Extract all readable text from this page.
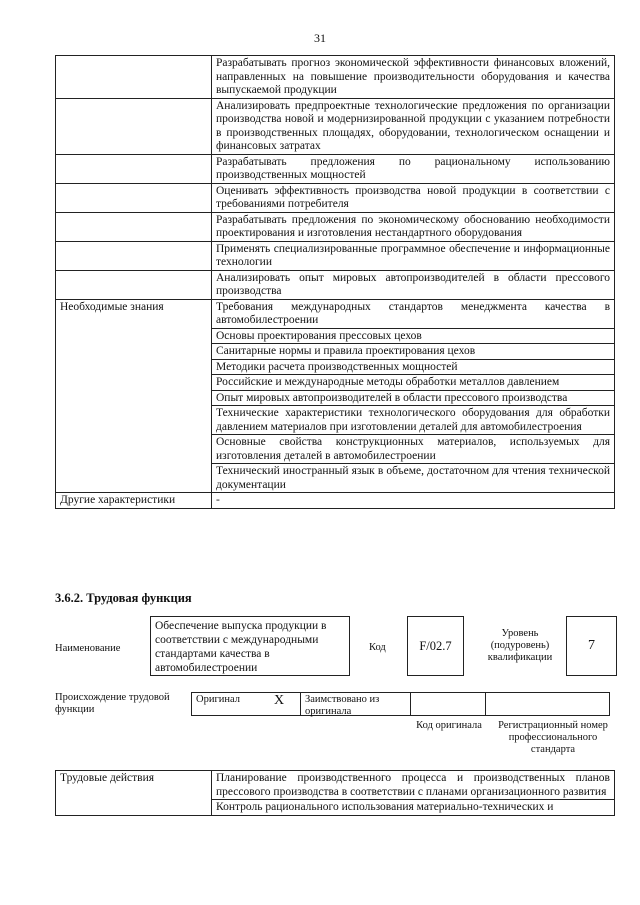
31
	Разрабатывать прогноз экономической эффективности финансовых вложений, направленных на повышение производительности оборудования и качества выпускаемой продукции
	Анализировать предпроектные технологические предложения по организации производства новой и модернизированной продукции с указанием потребности в производственных площадях, оборудовании, технологическом оснащении и финансовых затратах
	Разрабатывать предложения по рациональному использованию производственных мощностей
	Оценивать эффективность производства новой продукции в соответствии с требованиями потребителя
	Разрабатывать предложения по экономическому обоснованию необходимости проектирования и изготовления нестандартного оборудования
	Применять специализированные программное обеспечение и информационные технологии
	Анализировать опыт мировых автопроизводителей в области прессового производства
Необходимые знания	Требования международных стандартов менеджмента качества в автомобилестроении
	Основы проектирования прессовых цехов
	Санитарные нормы и правила проектирования цехов
	Методики расчета производственных мощностей
	Российские и международные методы обработки металлов давлением
	Опыт мировых автопроизводителей в области прессового производства
	Технические характеристики технологического оборудования для обработки давлением материалов при изготовлении деталей для автомобилестроения
	Основные свойства конструкционных материалов, используемых для изготовления деталей в автомобилестроении
	Технический иностранный язык в объеме, достаточном для чтения технической документации
Другие характеристики	-
3.6.2. Трудовая функция
Наименование
Обеспечение выпуска продукции в соответствии с международными стандартами качества в автомобилестроении
Код	F/02.7
Уровень (подуровень) квалификации
7
Происхождение трудовой функции
Оригинал X	Заимствовано из оригинала
Код оригинала	Регистрационный номер профессионального стандарта
Трудовые действия	Планирование производственного процесса и производственных планов прессового производства в соответствии с планами организационного развития
Контроль рационального использования материально-технических и
